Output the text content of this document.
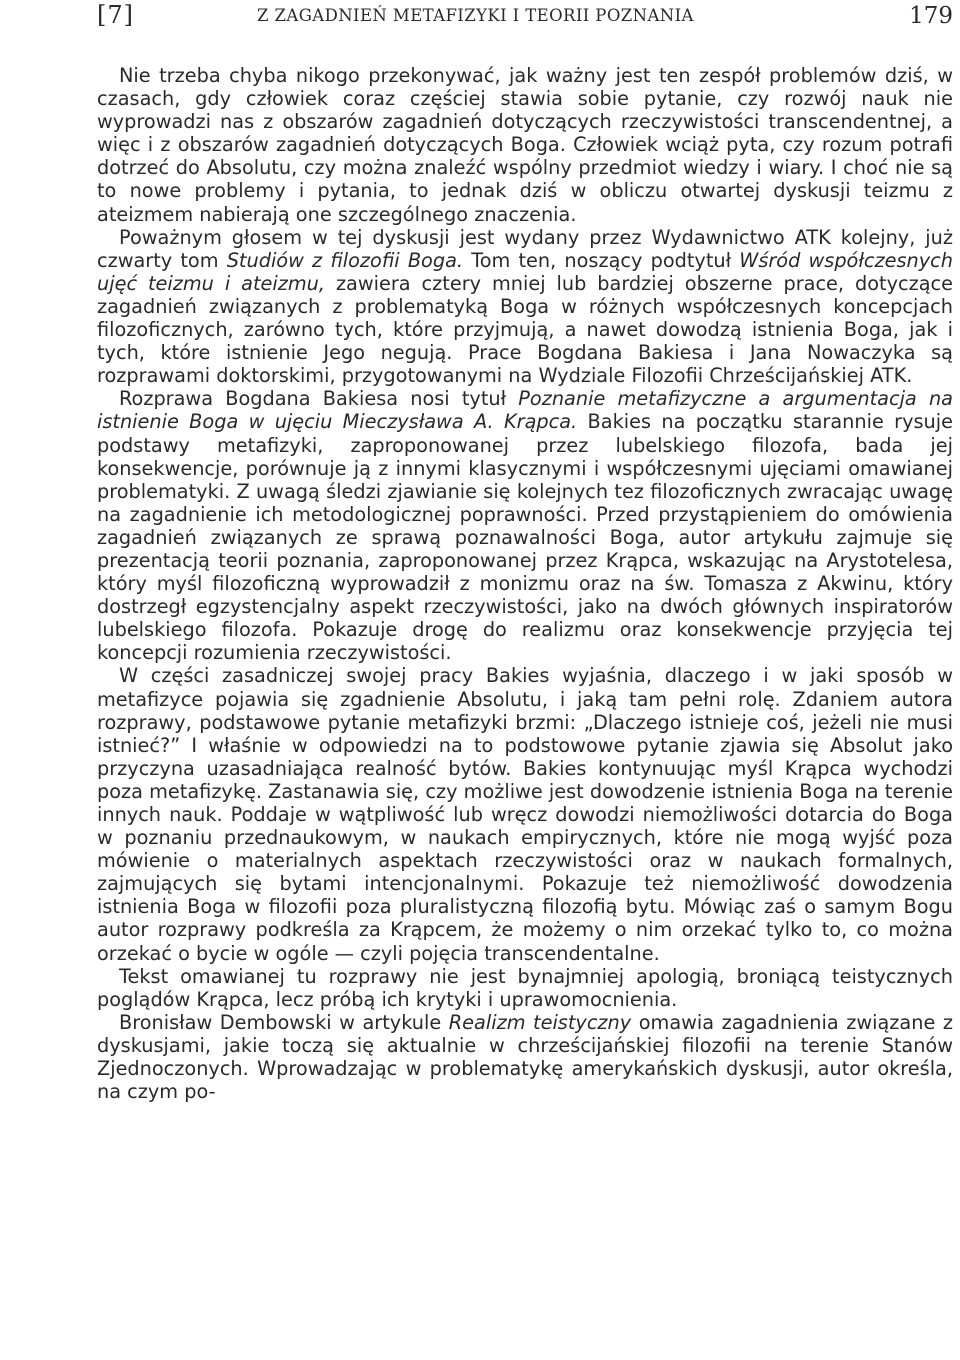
[7]	Z ZAGADNIEŃ METAFIZYKI I TEORII POZNANIA	179

Nie trzeba chyba nikogo przekonywać, jak ważny jest ten zespół problemów dziś, w czasach, gdy człowiek coraz częściej stawia sobie pytanie, czy rozwój nauk nie wyprowadzi nas z obszarów zagadnień dotyczących rzeczywistości transcendentnej, a więc i z obszarów zagadnień dotyczących Boga. Człowiek wciąż pyta, czy rozum potrafi dotrzeć do Absolutu, czy można znaleźć wspólny przedmiot wiedzy i wiary. I choć nie są to nowe problemy i pytania, to jednak dziś w obliczu otwartej dyskusji teizmu z ateizmem nabierają one szczególnego znaczenia.

Poważnym głosem w tej dyskusji jest wydany przez Wydawnictwo ATK kolejny, już czwarty tom Studiów z filozofii Boga. Tom ten, noszący podtytuł Wśród współczesnych ujęć teizmu i ateizmu, zawiera cztery mniej lub bardziej obszerne prace, dotyczące zagadnień związanych z problematyką Boga w różnych współczesnych koncepcjach filozoficznych, zarówno tych, które przyjmują, a nawet dowodzą istnienia Boga, jak i tych, które istnienie Jego negują. Prace Bogdana Bakiesa i Jana Nowaczyka są rozprawami doktorskimi, przygotowanymi na Wydziale Filozofii Chrześcijańskiej ATK.

Rozprawa Bogdana Bakiesa nosi tytuł Poznanie metafizyczne a argumentacja na istnienie Boga w ujęciu Mieczysława A. Krąpca. Bakies na początku starannie rysuje podstawy metafizyki, zaproponowanej przez lubelskiego filozofa, bada jej konsekwencje, porównuje ją z innymi klasycznymi i współczesnymi ujęciami omawianej problematyki. Z uwagą śledzi zjawianie się kolejnych tez filozoficznych zwracając uwagę na zagadnienie ich metodologicznej poprawności. Przed przystąpieniem do omówienia zagadnień związanych ze sprawą poznawalności Boga, autor artykułu zajmuje się prezentacją teorii poznania, zaproponowanej przez Krąpca, wskazując na Arystotelesa, który myśl filozoficzną wyprowadził z monizmu oraz na św. Tomasza z Akwinu, który dostrzegł egzystencjalny aspekt rzeczywistości, jako na dwóch głównych inspiratorów lubelskiego filozofa. Pokazuje drogę do realizmu oraz konsekwencje przyjęcia tej koncepcji rozumienia rzeczywistości.

W części zasadniczej swojej pracy Bakies wyjaśnia, dlaczego i w jaki sposób w metafizyce pojawia się zgadnienie Absolutu, i jaką tam pełni rolę. Zdaniem autora rozprawy, podstawowe pytanie metafizyki brzmi: „Dlaczego istnieje coś, jeżeli nie musi istnieć?” I właśnie w odpowiedzi na to podstowowe pytanie zjawia się Absolut jako przyczyna uzasadniająca realność bytów. Bakies kontynuując myśl Krąpca wychodzi poza metafizykę. Zastanawia się, czy możliwe jest dowodzenie istnienia Boga na terenie innych nauk. Poddaje w wątpliwość lub wręcz dowodzi niemożliwości dotarcia do Boga w poznaniu przednaukowym, w naukach empirycznych, które nie mogą wyjść poza mówienie o materialnych aspektach rzeczywistości oraz w naukach formalnych, zajmujących się bytami intencjonalnymi. Pokazuje też niemożliwość dowodzenia istnienia Boga w filozofii poza pluralistyczną filozofią bytu. Mówiąc zaś o samym Bogu autor rozprawy podkreśla za Krąpcem, że możemy o nim orzekać tylko to, co można orzekać o bycie w ogóle — czyli pojęcia transcendentalne.

Tekst omawianej tu rozprawy nie jest bynajmniej apologią, broniącą teistycznych poglądów Krąpca, lecz próbą ich krytyki i uprawomocnienia.

Bronisław Dembowski w artykule Realizm teistyczny omawia zagadnienia związane z dyskusjami, jakie toczą się aktualnie w chrześcijańskiej filozofii na terenie Stanów Zjednoczonych. Wprowadzając w problematykę amerykańskich dyskusji, autor określa, na czym po-
